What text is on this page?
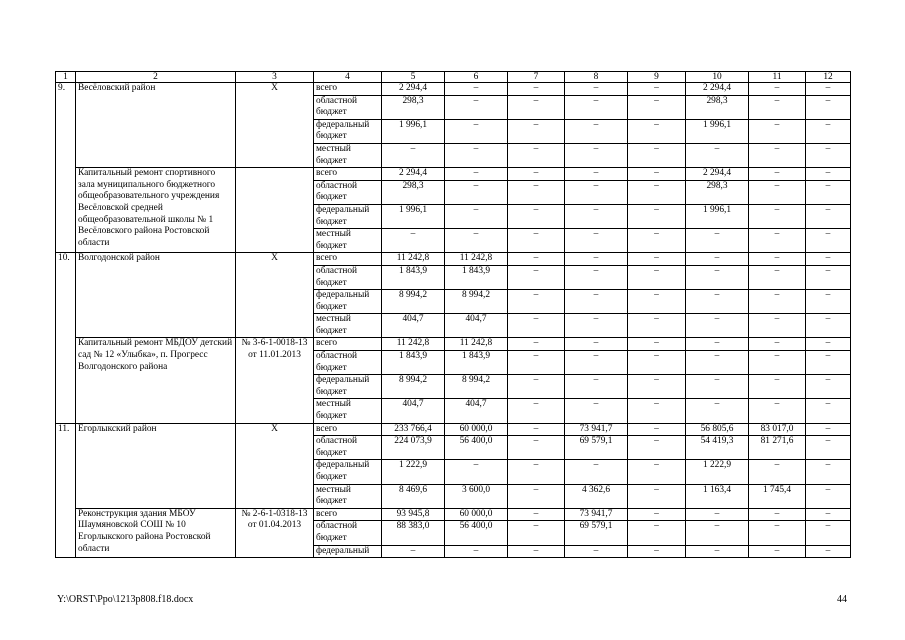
1	2	3	4	5	6	7	8	9	10	11	12
9.	Весёловский район	Х	всего	2 294,4	–	–	–	–	2 294,4	–	–
			областной бюджет	298,3	–	–	–	–	298,3	–	–
			федеральный бюджет	1 996,1	–	–	–	–	1 996,1	–	–
			местный бюджет	–	–	–	–	–	–	–	–
	Капитальный ремонт спортивного зала муниципального бюджетного общеобразовательного учреждения Весёловской средней общеобразовательной школы № 1 Весёловского района Ростовской области		всего	2 294,4	–	–	–	–	2 294,4	–	–
			областной бюджет	298,3	–	–	–	–	298,3	–	–
			федеральный бюджет	1 996,1	–	–	–	–	1 996,1	–	–
			местный бюджет	–	–	–	–	–	–	–	–
10.	Волгодонской район	Х	всего	11 242,8	11 242,8	–	–	–	–	–	–
			областной бюджет	1 843,9	1 843,9	–	–	–	–	–	–
			федеральный бюджет	8 994,2	8 994,2	–	–	–	–	–	–
			местный бюджет	404,7	404,7	–	–	–	–	–	–
	Капитальный ремонт МБДОУ детский сад № 12 «Улыбка», п. Прогресс Волгодонского района	№ 3-6-1-0018-13 от 11.01.2013	всего	11 242,8	11 242,8	–	–	–	–	–	–
			областной бюджет	1 843,9	1 843,9	–	–	–	–	–	–
			федеральный бюджет	8 994,2	8 994,2	–	–	–	–	–	–
			местный бюджет	404,7	404,7	–	–	–	–	–	–
11.	Егорлыкский район	Х	всего	233 766,4	60 000,0	–	73 941,7	–	56 805,6	83 017,0	–
			областной бюджет	224 073,9	56 400,0	–	69 579,1	–	54 419,3	81 271,6	–
			федеральный бюджет	1 222,9	–	–	–	–	1 222,9	–	–
			местный бюджет	8 469,6	3 600,0	–	4 362,6	–	1 163,4	1 745,4	–
	Реконструкция здания МБОУ Шаумяновской СОШ № 10 Егорлыкского района Ростовской области	№ 2-6-1-0318-13 от 01.04.2013	всего	93 945,8	60 000,0	–	73 941,7	–	–	–	–
			областной бюджет	88 383,0	56 400,0	–	69 579,1	–	–	–	–
			федеральный	–	–	–	–	–	–	–	–
Y:\ORST\Ppo\1213p808.f18.docx	44
